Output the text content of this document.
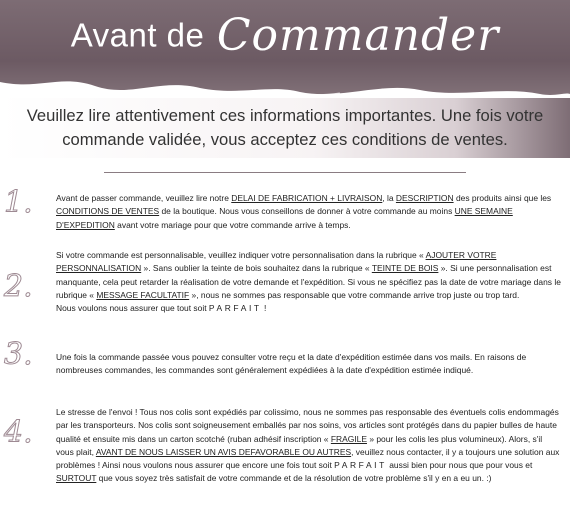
Avant de Commander
Veuillez lire attentivement ces informations importantes. Une fois votre commande validée, vous acceptez ces conditions de ventes.
1.	Avant de passer commande, veuillez lire notre DELAI DE FABRICATION + LIVRAISON, la DESCRIPTION des produits ainsi que les CONDITIONS DE VENTES de la boutique. Nous vous conseillons de donner à votre commande au moins UNE SEMAINE D'EXPEDITION avant votre mariage pour que votre commande arrive à temps.
2.
Si votre commande est personnalisable, veuillez indiquer votre personnalisation dans la rubrique « AJOUTER VOTRE PERSONNALISATION ». Sans oublier la teinte de bois souhaitez dans la rubrique « TEINTE DE BOIS ». Si une personnalisation est manquante, cela peut retarder la réalisation de votre demande et l'expédition. Si vous ne spécifiez pas la date de votre mariage dans le rubrique « MESSAGE FACULTATIF », nous ne sommes pas responsable que votre commande arrive trop juste ou trop tard.
Nous voulons nous assurer que tout soit PARFAIT !
3.	Une fois la commande passée vous pouvez consulter votre reçu et la date d'expédition estimée dans vos mails. En raisons de nombreuses commandes, les commandes sont généralement expédiées à la date d'expédition estimée indiqué.
4.
Le stresse de l'envoi ! Tous nos colis sont expédiés par colissimo, nous ne sommes pas responsable des éventuels colis endommagés par les transporteurs. Nos colis sont soigneusement emballés par nos soins, vos articles sont protégés dans du papier bulles de haute qualité et ensuite mis dans un carton scotché (ruban adhésif inscription « FRAGILE » pour les colis les plus volumineux). Alors, s'il vous plait, AVANT DE NOUS LAISSER UN AVIS DEFAVORABLE OU AUTRES, veuillez nous contacter, il y a toujours une solution aux problèmes ! Ainsi nous voulons nous assurer que encore une fois tout soit PARFAIT aussi bien pour nous que pour vous et SURTOUT que vous soyez très satisfait de votre commande et de la résolution de votre problème s'il y en a eu un. :)
